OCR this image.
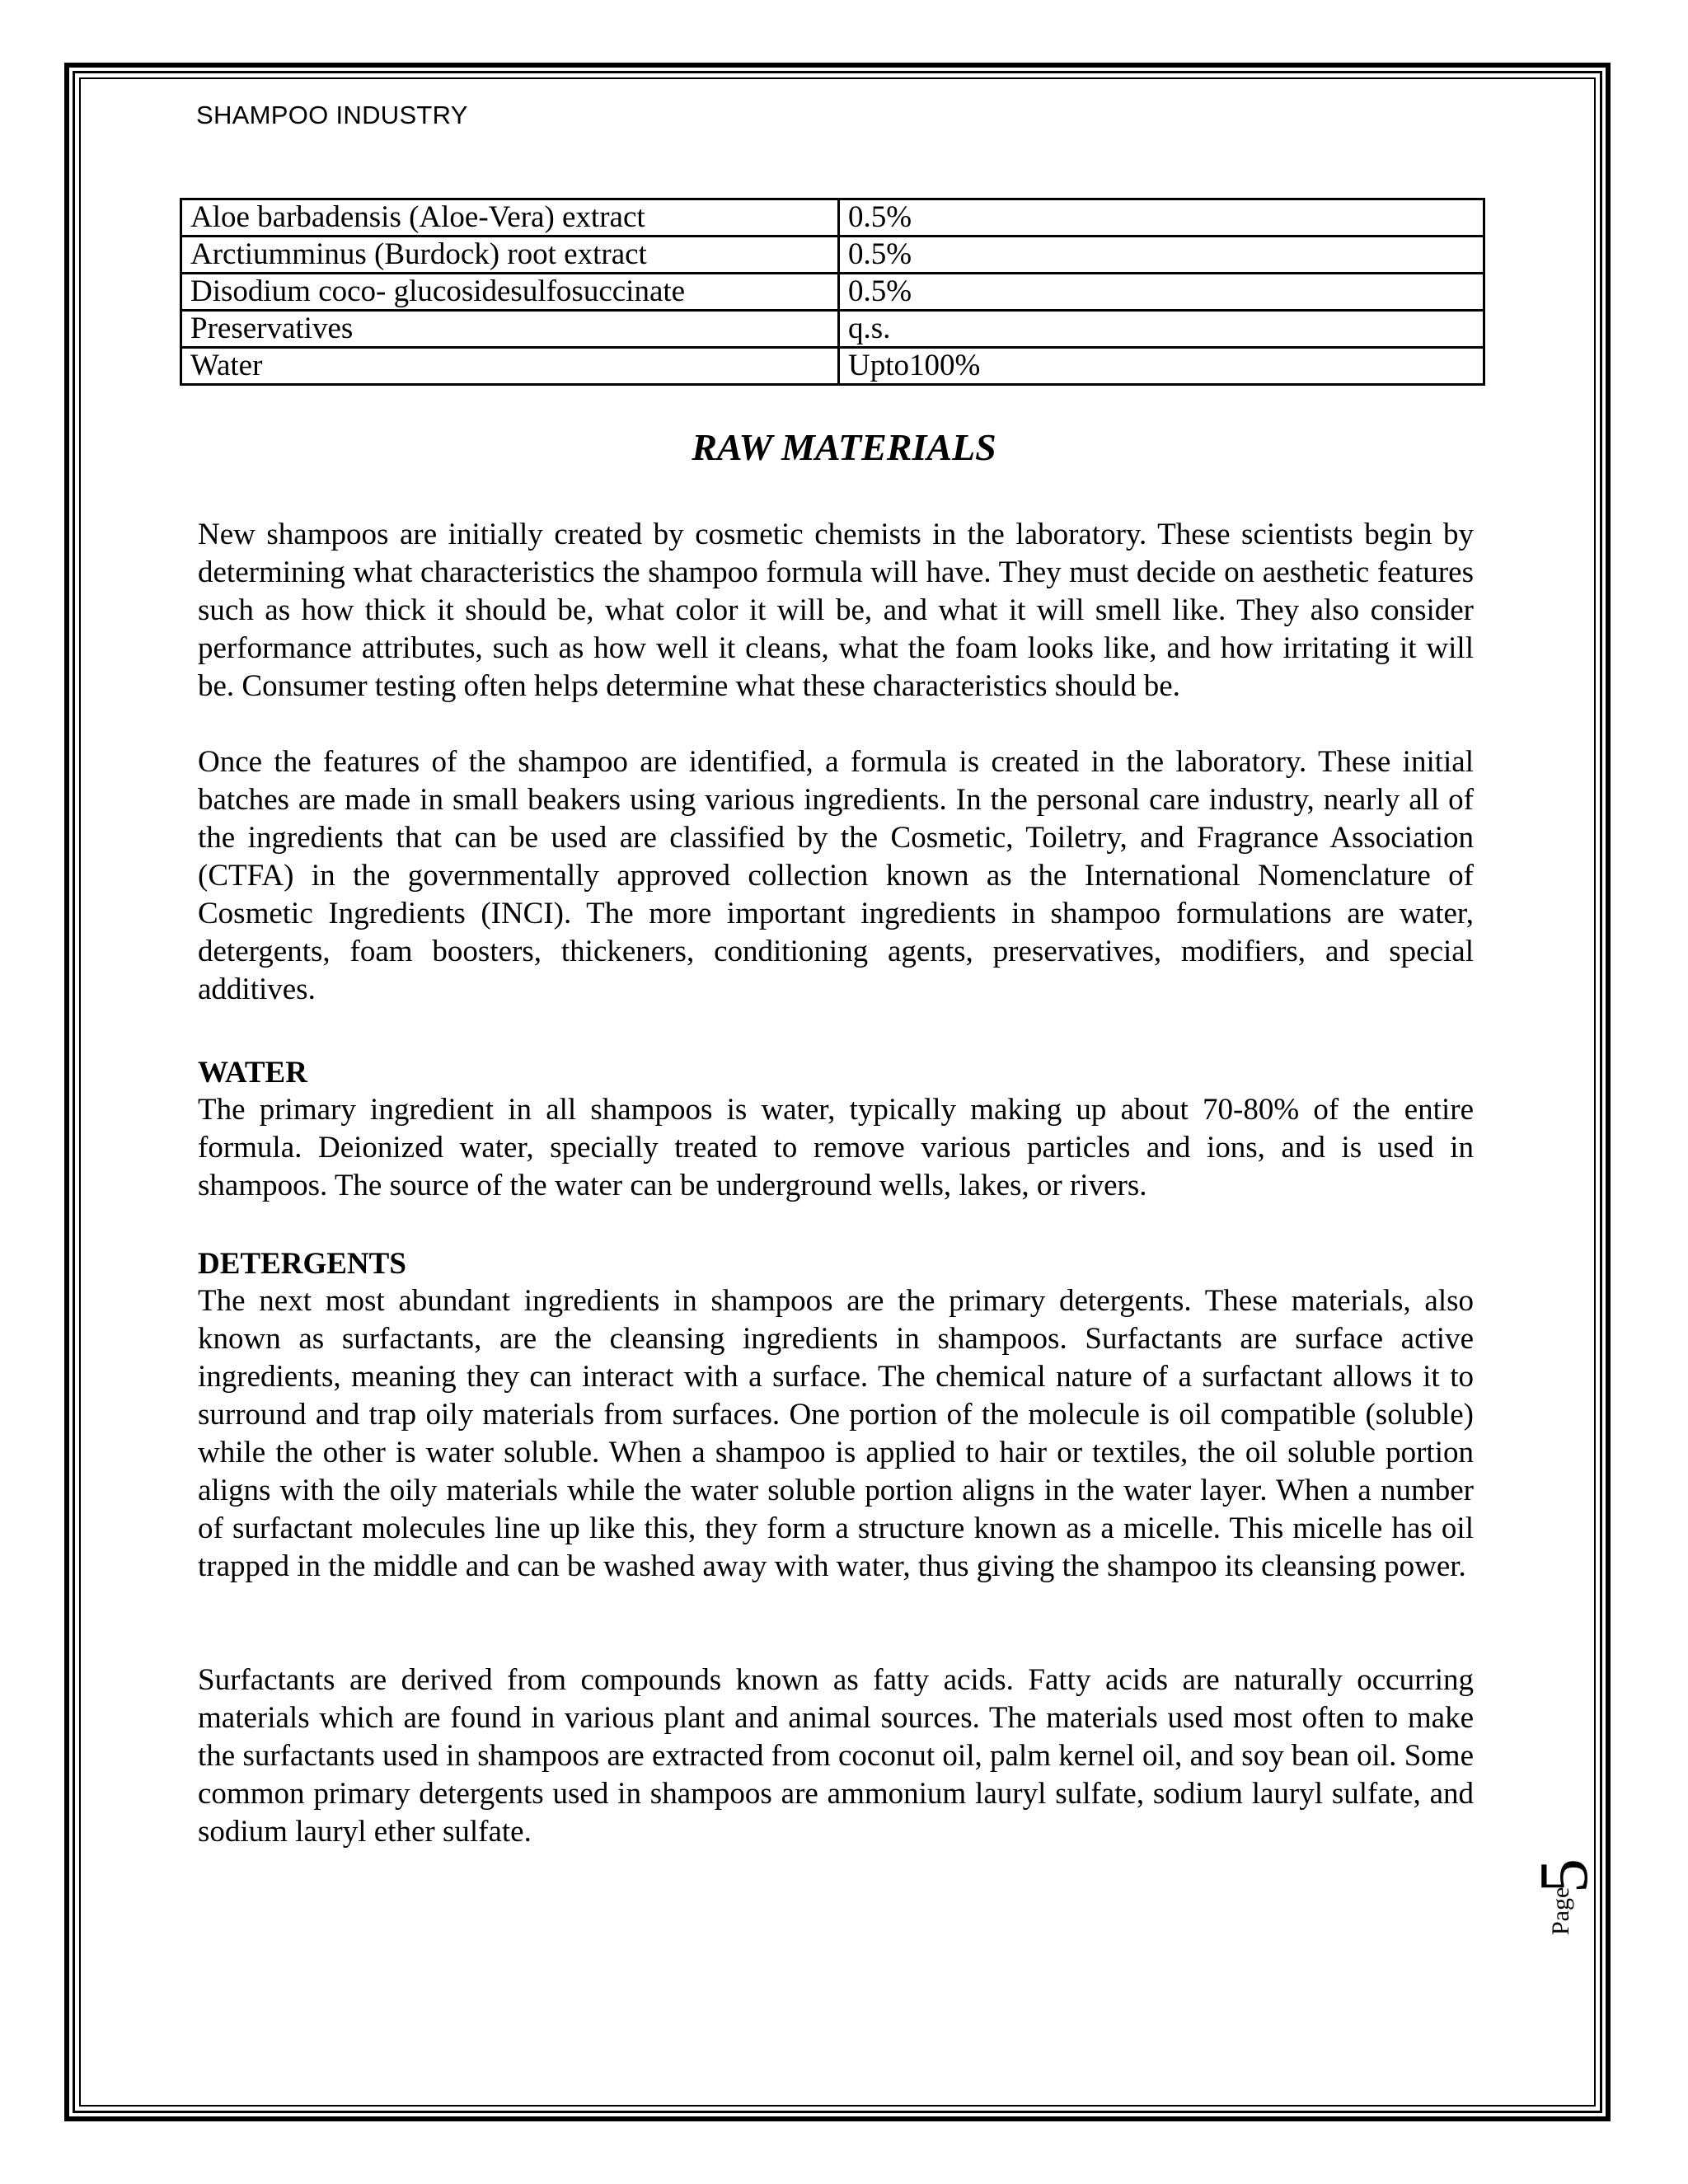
SHAMPOO INDUSTRY
Aloe barbadensis (Aloe-Vera) extract	0.5%
Arctiumminus (Burdock) root extract	0.5%
Disodium coco- glucosidesulfosuccinate	0.5%
Preservatives	q.s.
Water	Upto100%
RAW MATERIALS
New shampoos are initially created by cosmetic chemists in the laboratory. These scientists begin by determining what characteristics the shampoo formula will have. They must decide on aesthetic features such as how thick it should be, what color it will be, and what it will smell like. They also consider performance attributes, such as how well it cleans, what the foam looks like, and how irritating it will be. Consumer testing often helps determine what these characteristics should be.
Once the features of the shampoo are identified, a formula is created in the laboratory. These initial batches are made in small beakers using various ingredients. In the personal care industry, nearly all of the ingredients that can be used are classified by the Cosmetic, Toiletry, and Fragrance Association (CTFA) in the governmentally approved collection known as the International Nomenclature of Cosmetic Ingredients (INCI). The more important ingredients in shampoo formulations are water, detergents, foam boosters, thickeners, conditioning agents, preservatives, modifiers, and special additives.
WATER
The primary ingredient in all shampoos is water, typically making up about 70-80% of the entire formula. Deionized water, specially treated to remove various particles and ions, and is used in shampoos. The source of the water can be underground wells, lakes, or rivers.
DETERGENTS
The next most abundant ingredients in shampoos are the primary detergents. These materials, also known as surfactants, are the cleansing ingredients in shampoos. Surfactants are surface active ingredients, meaning they can interact with a surface. The chemical nature of a surfactant allows it to surround and trap oily materials from surfaces. One portion of the molecule is oil compatible (soluble) while the other is water soluble. When a shampoo is applied to hair or textiles, the oil soluble portion aligns with the oily materials while the water soluble portion aligns in the water layer. When a number of surfactant molecules line up like this, they form a structure known as a micelle. This micelle has oil trapped in the middle and can be washed away with water, thus giving the shampoo its cleansing power.
Surfactants are derived from compounds known as fatty acids. Fatty acids are naturally occurring materials which are found in various plant and animal sources. The materials used most often to make the surfactants used in shampoos are extracted from coconut oil, palm kernel oil, and soy bean oil. Some common primary detergents used in shampoos are ammonium lauryl sulfate, sodium lauryl sulfate, and sodium lauryl ether sulfate.
Page
5
